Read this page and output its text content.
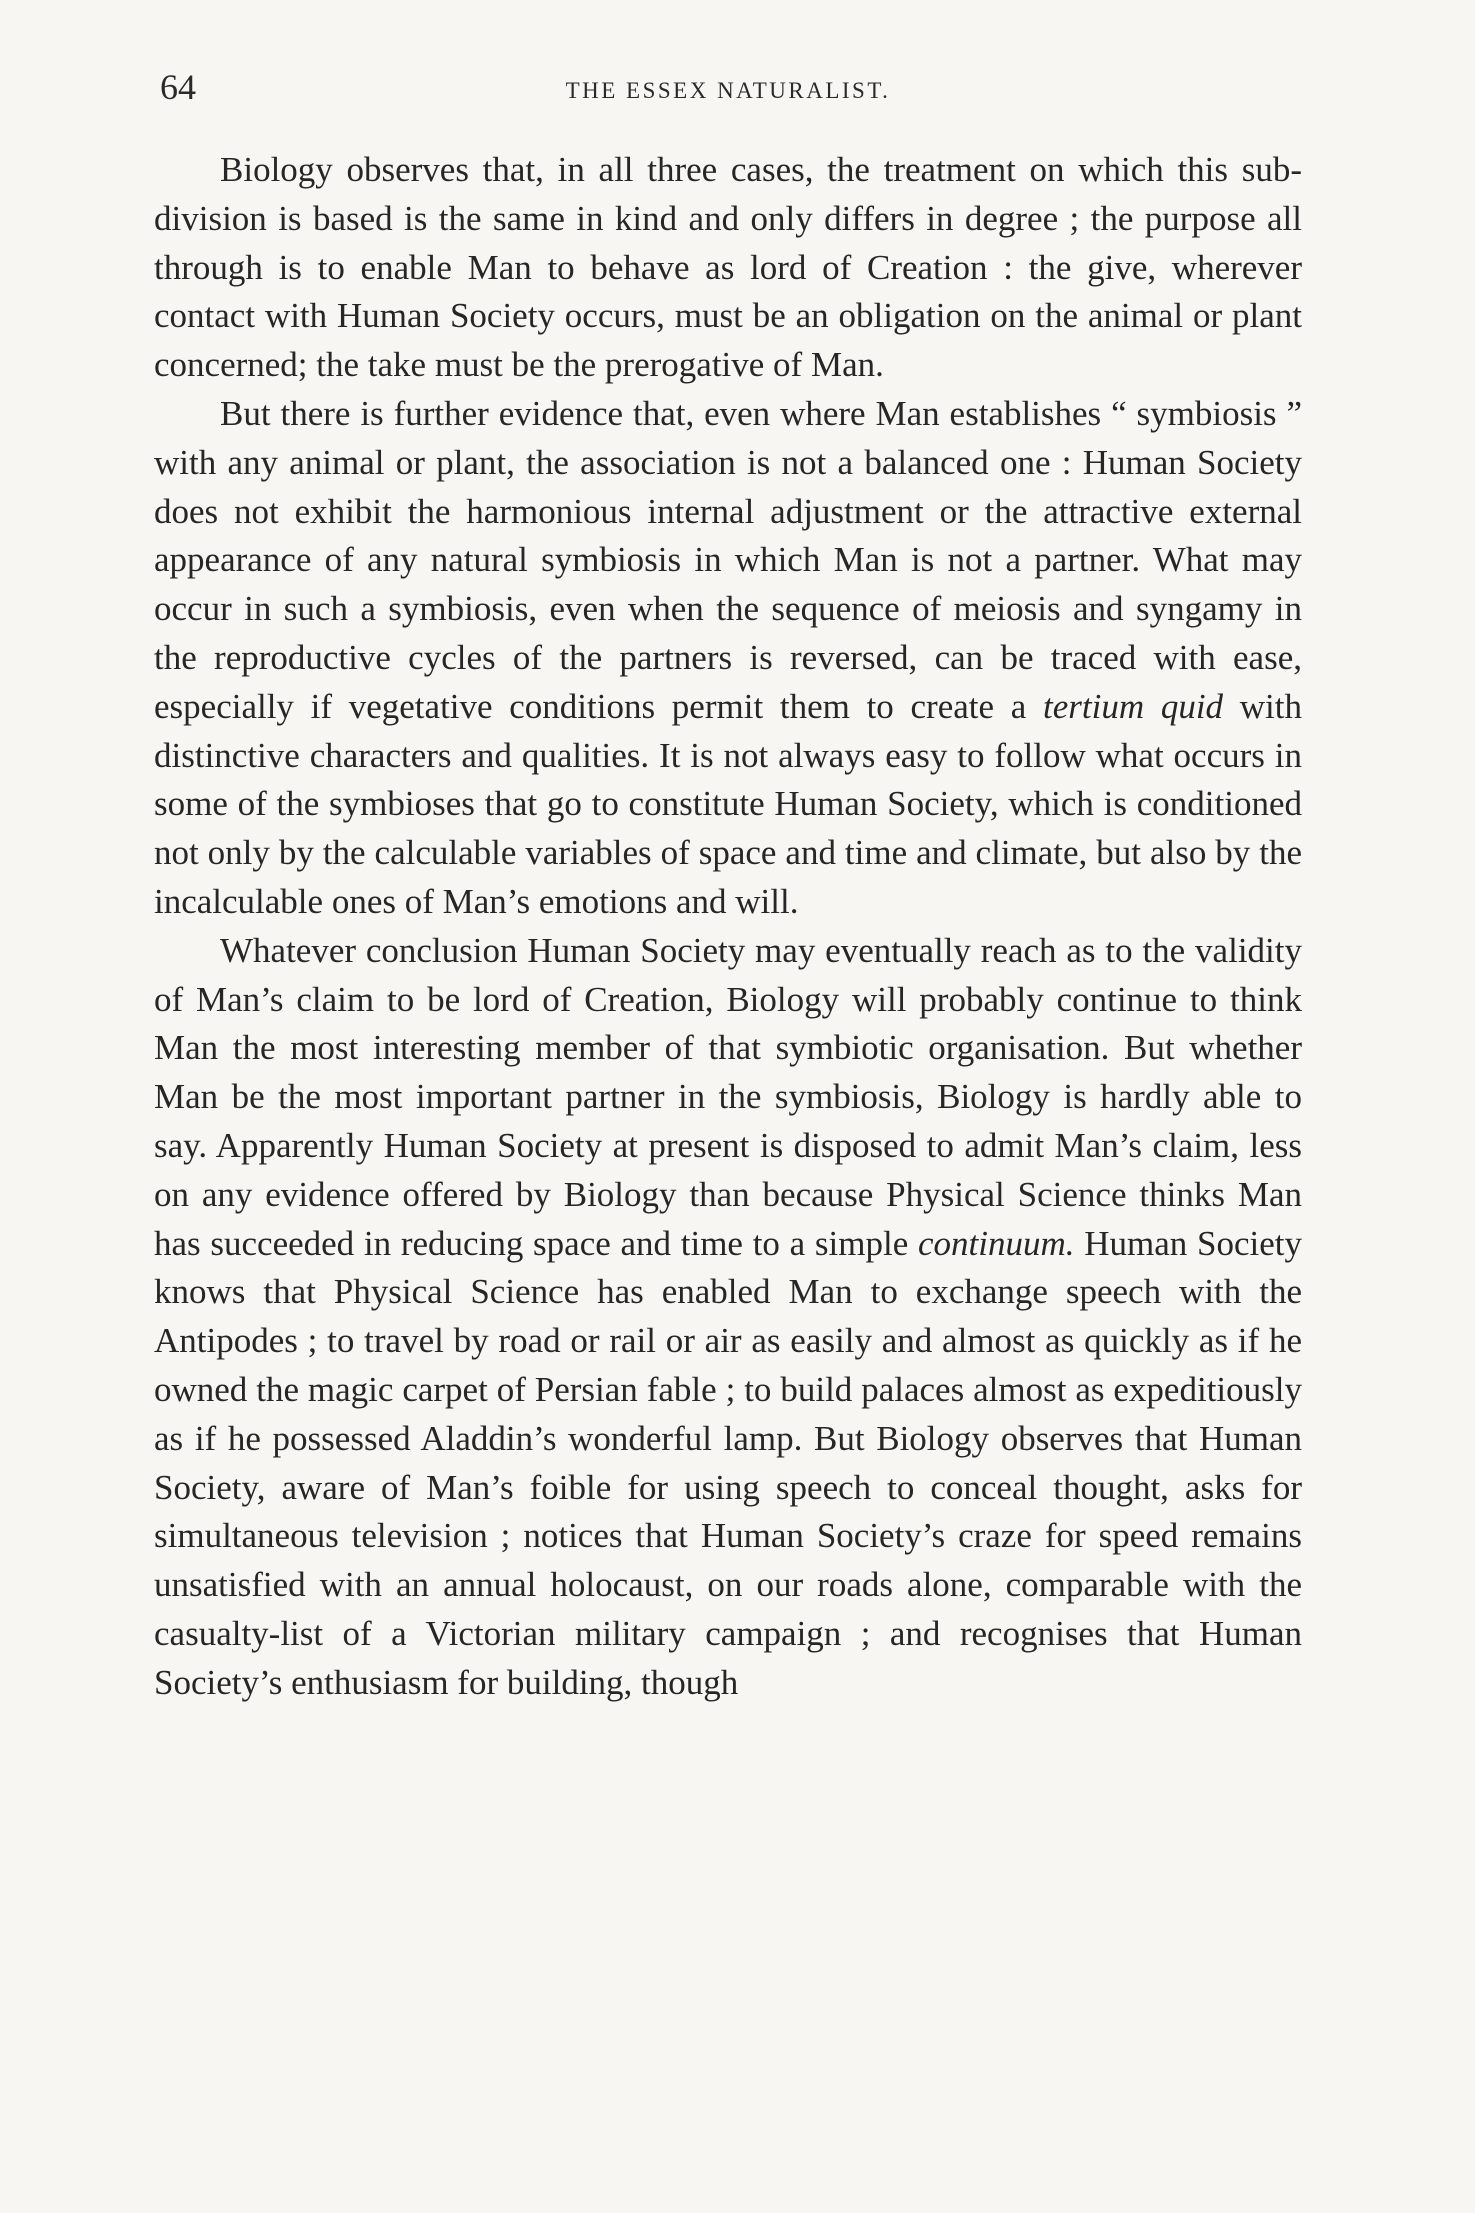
64	THE ESSEX NATURALIST.

Biology observes that, in all three cases, the treatment on which this sub-division is based is the same in kind and only differs in degree ; the purpose all through is to enable Man to behave as lord of Creation : the give, wherever contact with Human Society occurs, must be an obligation on the animal or plant concerned; the take must be the prerogative of Man.

But there is further evidence that, even where Man establishes “ symbiosis ” with any animal or plant, the association is not a balanced one : Human Society does not exhibit the harmonious internal adjustment or the attractive external appearance of any natural symbiosis in which Man is not a partner. What may occur in such a symbiosis, even when the sequence of meiosis and syngamy in the reproductive cycles of the partners is reversed, can be traced with ease, especially if vegetative conditions permit them to create a tertium quid with distinctive characters and qualities. It is not always easy to follow what occurs in some of the symbioses that go to constitute Human Society, which is conditioned not only by the calculable variables of space and time and climate, but also by the incalculable ones of Man’s emotions and will.

Whatever conclusion Human Society may eventually reach as to the validity of Man’s claim to be lord of Creation, Biology will probably continue to think Man the most interesting member of that symbiotic organisation. But whether Man be the most important partner in the symbiosis, Biology is hardly able to say. Apparently Human Society at present is disposed to admit Man’s claim, less on any evidence offered by Biology than because Physical Science thinks Man has succeeded in reducing space and time to a simple continuum. Human Society knows that Physical Science has enabled Man to exchange speech with the Antipodes ; to travel by road or rail or air as easily and almost as quickly as if he owned the magic carpet of Persian fable ; to build palaces almost as expeditiously as if he possessed Aladdin’s wonderful lamp. But Biology observes that Human Society, aware of Man’s foible for using speech to conceal thought, asks for simultaneous television ; notices that Human Society’s craze for speed remains unsatisfied with an annual holocaust, on our roads alone, comparable with the casualty-list of a Victorian military campaign ; and recognises that Human Society’s enthusiasm for building, though
